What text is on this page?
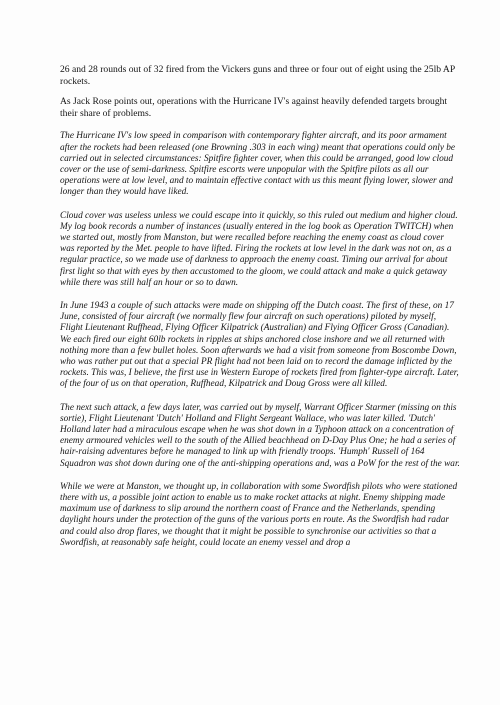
26 and 28 rounds out of 32 fired from the Vickers guns and three or four out of eight using the 25lb AP rockets.

As Jack Rose points out, operations with the Hurricane IV's against heavily defended targets brought their share of problems.

The Hurricane IV's low speed in comparison with contemporary fighter aircraft, and its poor armament after the rockets had been released (one Browning .303 in each wing) meant that operations could only be carried out in selected circumstances: Spitfire fighter cover, when this could be arranged, good low cloud cover or the use of semi-darkness. Spitfire escorts were unpopular with the Spitfire pilots as all our operations were at low level, and to maintain effective contact with us this meant flying lower, slower and longer than they would have liked.

Cloud cover was useless unless we could escape into it quickly, so this ruled out medium and higher cloud. My log book records a number of instances (usually entered in the log book as Operation TWITCH) when we started out, mostly from Manston, but were recalled before reaching the enemy coast as cloud cover was reported by the Met. people to have lifted. Firing the rockets at low level in the dark was not on, as a regular practice, so we made use of darkness to approach the enemy coast. Timing our arrival for about first light so that with eyes by then accustomed to the gloom, we could attack and make a quick getaway while there was still half an hour or so to dawn.

In June 1943 a couple of such attacks were made on shipping off the Dutch coast. The first of these, on 17 June, consisted of four aircraft (we normally flew four aircraft on such operations) piloted by myself, Flight Lieutenant Ruffhead, Flying Officer Kilpatrick (Australian) and Flying Officer Gross (Canadian). We each fired our eight 60lb rockets in ripples at ships anchored close inshore and we all returned with nothing more than a few bullet holes. Soon afterwards we had a visit from someone from Boscombe Down, who was rather put out that a special PR flight had not been laid on to record the damage inflicted by the rockets. This was, I believe, the first use in Western Europe of rockets fired from fighter-type aircraft. Later, of the four of us on that operation, Ruffhead, Kilpatrick and Doug Gross were all killed.

The next such attack, a few days later, was carried out by myself, Warrant Officer Starmer (missing on this sortie), Flight Lieutenant 'Dutch' Holland and Flight Sergeant Wallace, who was later killed. 'Dutch' Holland later had a miraculous escape when he was shot down in a Typhoon attack on a concentration of enemy armoured vehicles well to the south of the Allied beachhead on D-Day Plus One; he had a series of hair-raising adventures before he managed to link up with friendly troops. 'Humph' Russell of 164 Squadron was shot down during one of the anti-shipping operations and, was a PoW for the rest of the war.

While we were at Manston, we thought up, in collaboration with some Swordfish pilots who were stationed there with us, a possible joint action to enable us to make rocket attacks at night. Enemy shipping made maximum use of darkness to slip around the northern coast of France and the Netherlands, spending daylight hours under the protection of the guns of the various ports en route. As the Swordfish had radar and could also drop flares, we thought that it might be possible to synchronise our activities so that a Swordfish, at reasonably safe height, could locate an enemy vessel and drop a
